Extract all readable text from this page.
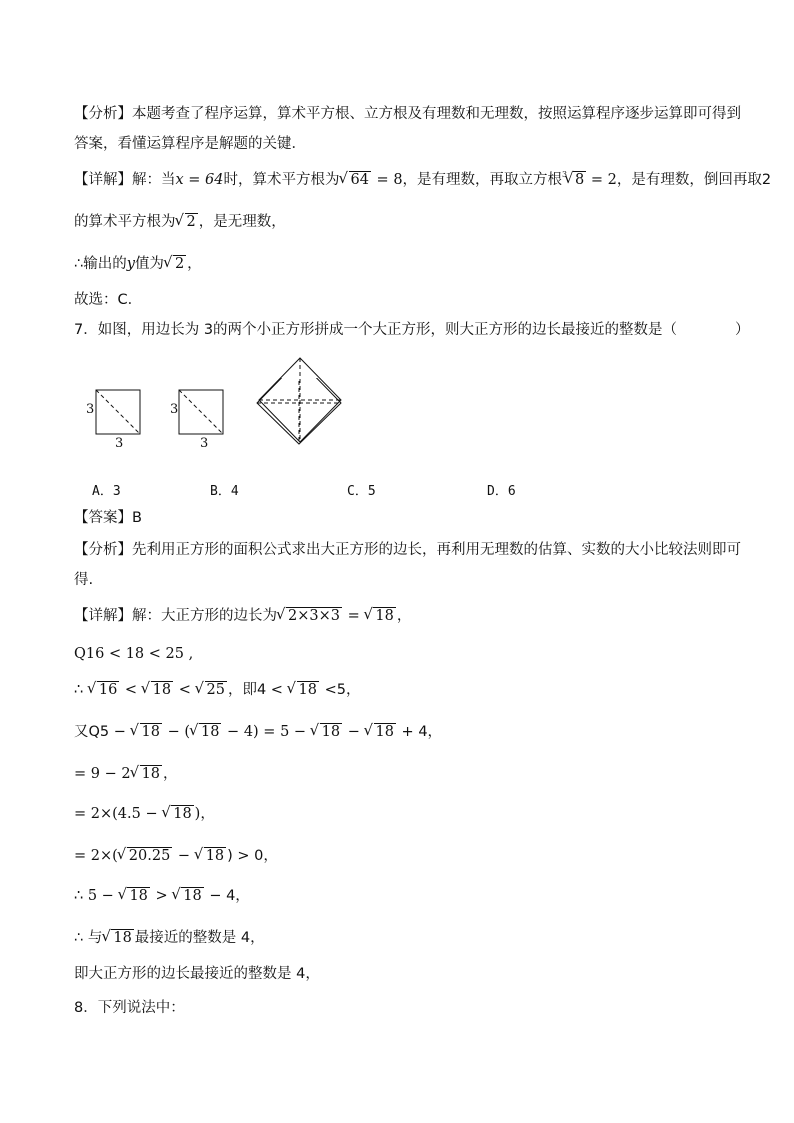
【分析】本题考查了程序运算，算术平方根、立方根及有理数和无理数，按照运算程序逐步运算即可得到
答案，看懂运算程序是解题的关键．
【详解】解：当x = 64时，算术平方根为 √ 64 = 8，是有理数，再取立方根 √ 3 8 = 2，是有理数，倒回再取2
的算术平方根为 √ 2 ，是无理数，
∴输出的y值为 √ 2 ，
故选：C．
7．如图，用边长为 3的两个小正方形拼成一个大正方形，则大正方形的边长最接近的整数是（　　　　）
3
3
3
3
A．3	B．4	C．5	D．6
【答案】B
【分析】先利用正方形的面积公式求出大正方形的边长，再利用无理数的估算、实数的大小比较法则即可
得.
【详解】解：大正方形的边长为 √ 2×3×3 = √ 18 ，
Q16 < 18 < 25 ,
∴ √ 16 < √ 18 < √ 25 ，即4 < √ 18 <5，
又Q5 − √ 18 − ( √ 18 − 4) = 5 − √ 18 − √ 18 + 4，
= 9 − 2 √ 18 ，
= 2×(4.5 − √ 18 )，
= 2×( √ 20.25 − √ 18 ) > 0，
∴ 5 − √ 18 > √ 18 − 4，
∴ 与 √ 18 最接近的整数是 4，
即大正方形的边长最接近的整数是 4，
8．下列说法中：
